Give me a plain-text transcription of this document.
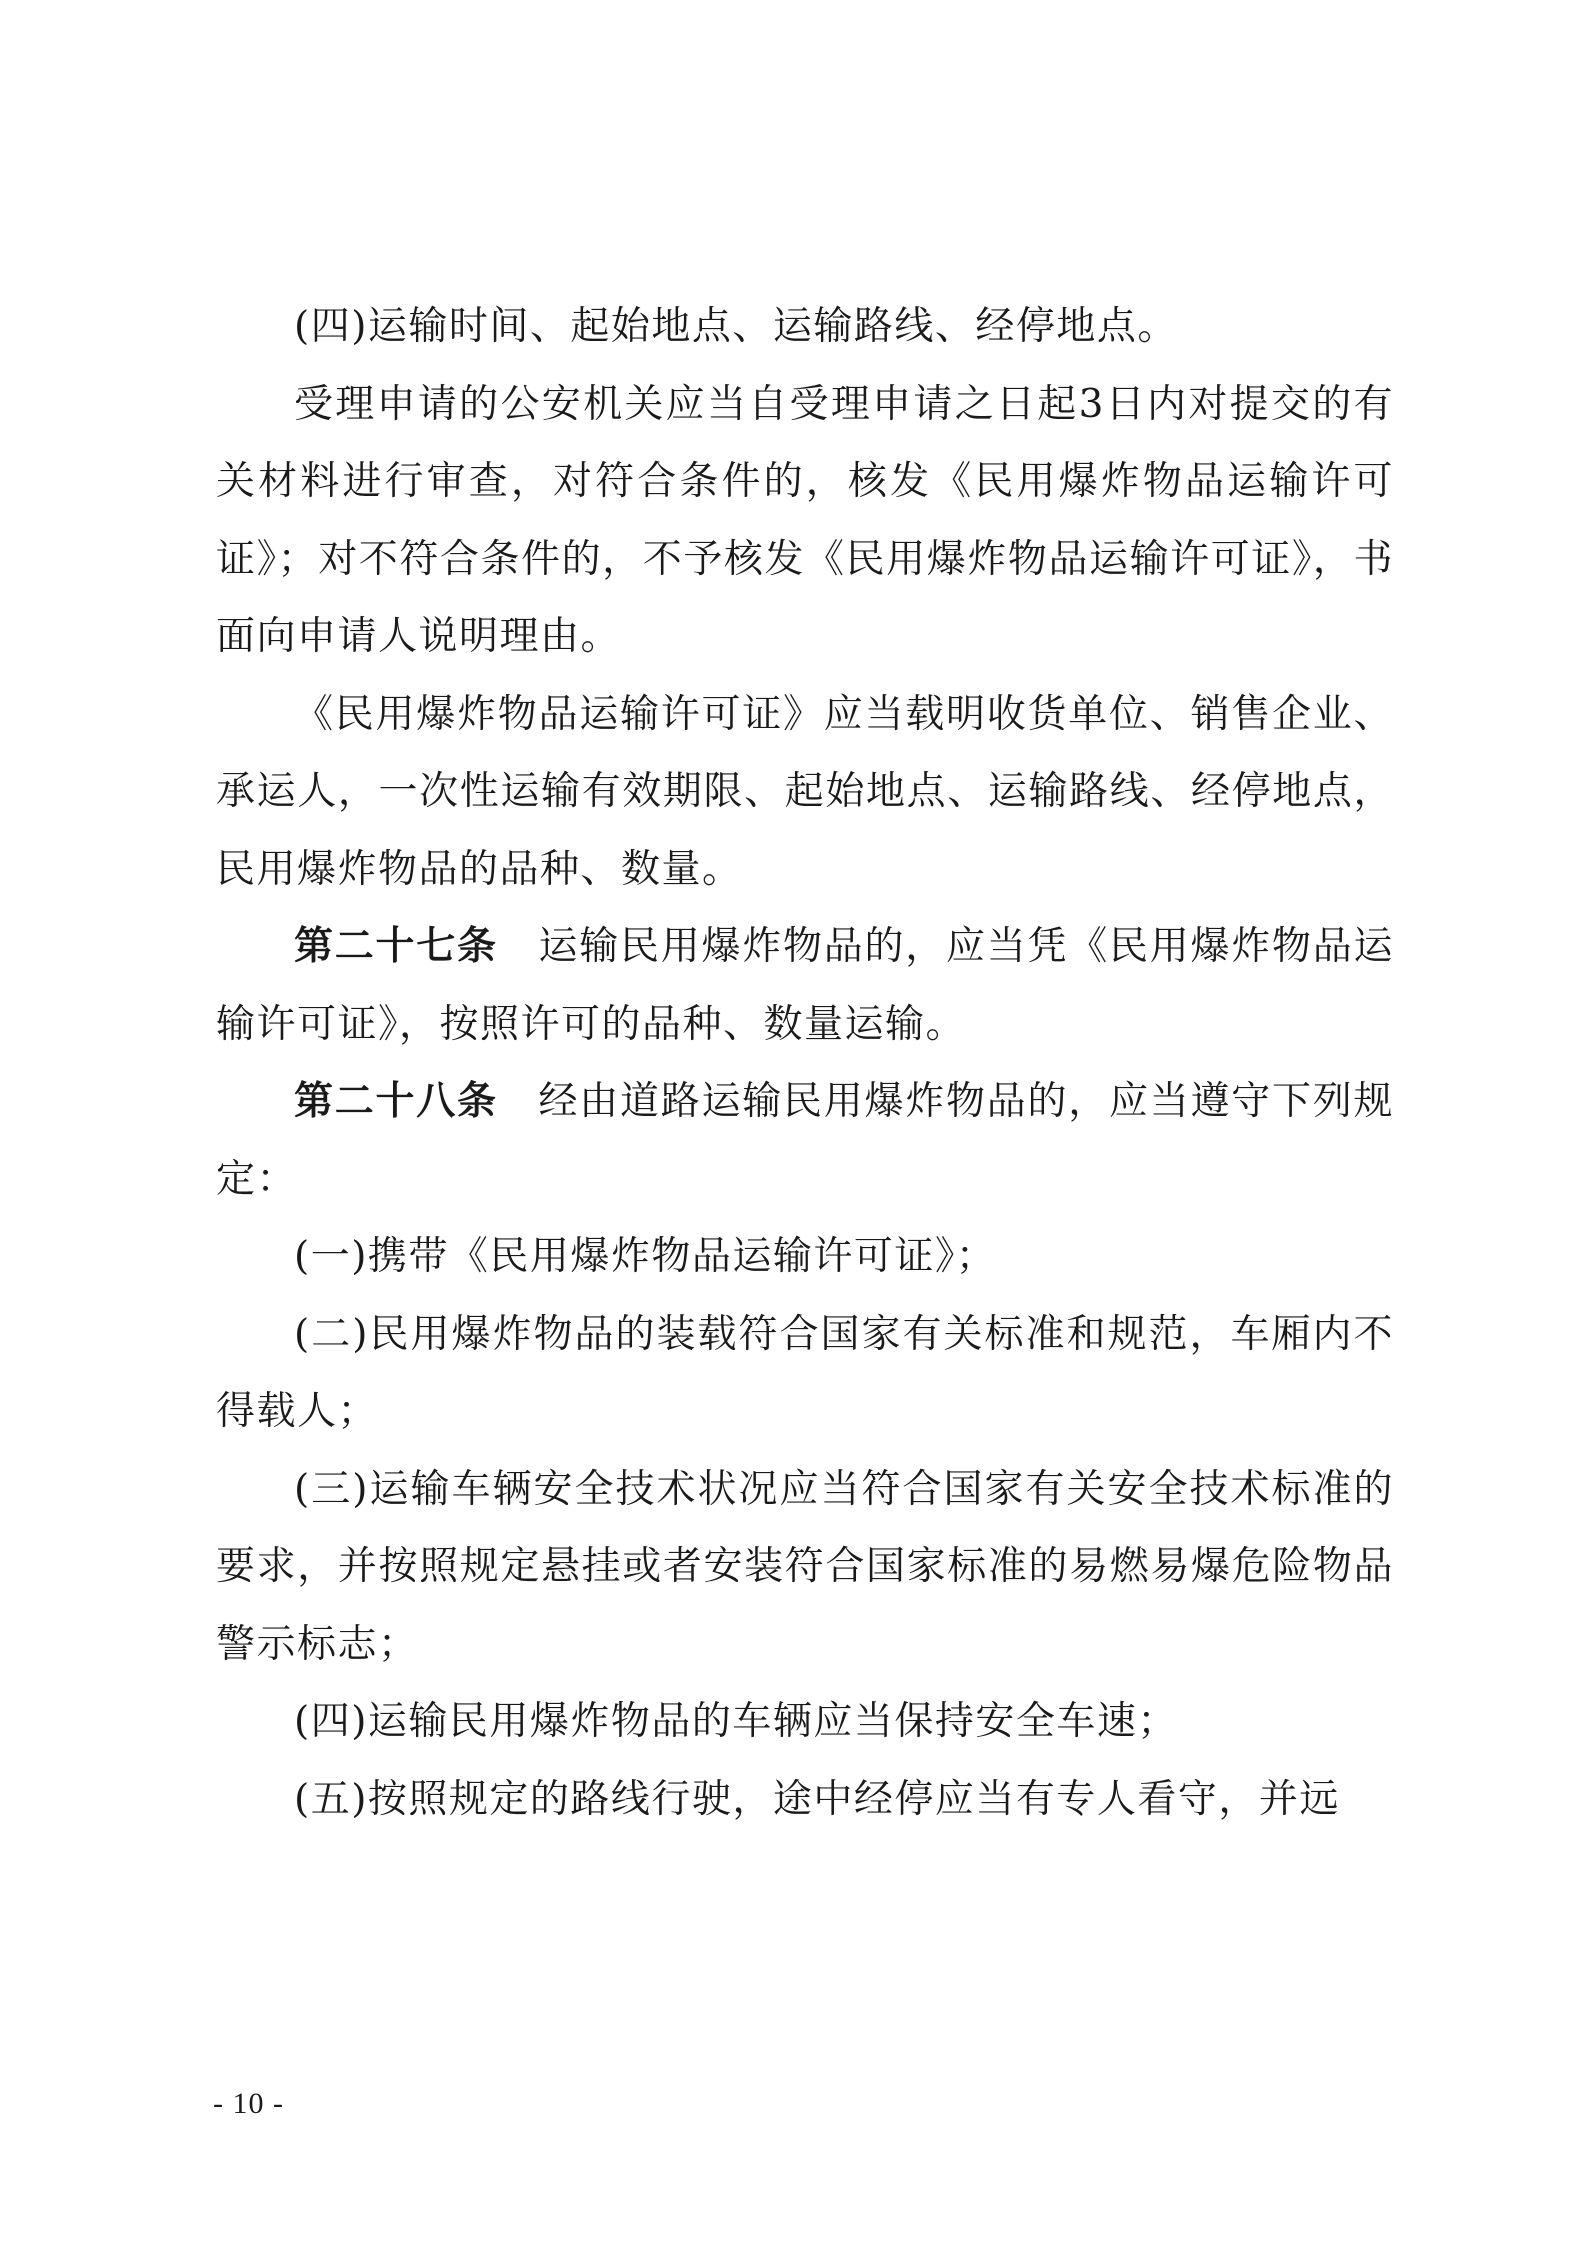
(四)运输时间、起始地点、运输路线、经停地点。

受理申请的公安机关应当自受理申请之日起3日内对提交的有关材料进行审查，对符合条件的，核发《民用爆炸物品运输许可证》；对不符合条件的，不予核发《民用爆炸物品运输许可证》，书面向申请人说明理由。

《民用爆炸物品运输许可证》应当载明收货单位、销售企业、承运人，一次性运输有效期限、起始地点、运输路线、经停地点，民用爆炸物品的品种、数量。

第二十七条  运输民用爆炸物品的，应当凭《民用爆炸物品运输许可证》，按照许可的品种、数量运输。

第二十八条  经由道路运输民用爆炸物品的，应当遵守下列规定：

(一)携带《民用爆炸物品运输许可证》；

(二)民用爆炸物品的装载符合国家有关标准和规范，车厢内不得载人；

(三)运输车辆安全技术状况应当符合国家有关安全技术标准的要求，并按照规定悬挂或者安装符合国家标准的易燃易爆危险物品警示标志；

(四)运输民用爆炸物品的车辆应当保持安全车速；

(五)按照规定的路线行驶，途中经停应当有专人看守，并远

- 10 -
